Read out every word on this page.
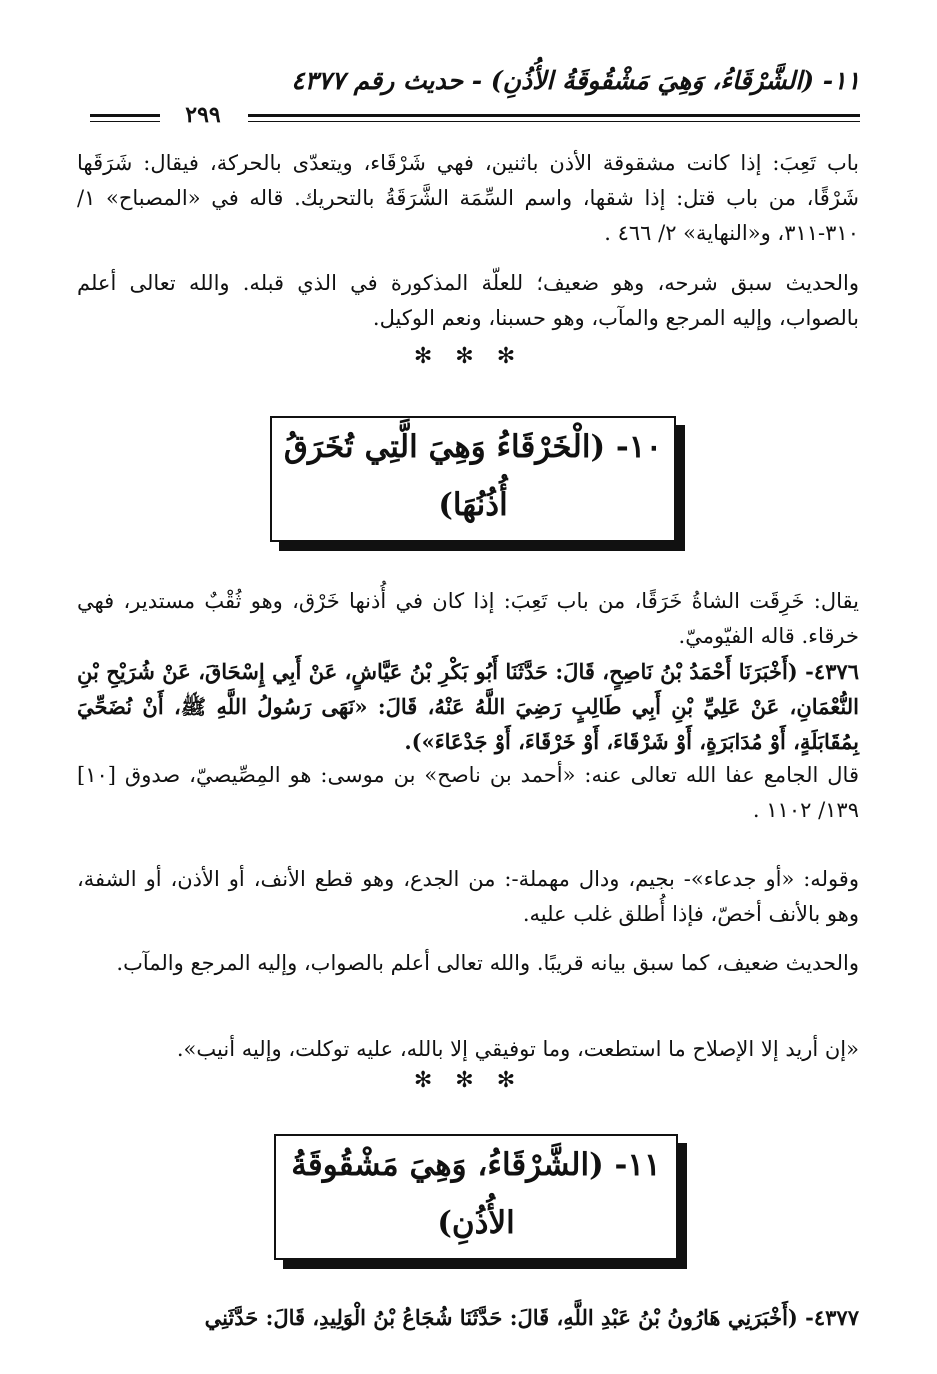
١١- (الشَّرْقَاءُ، وَهِيَ مَشْقُوقَةُ الأُذُنِ) - حديث رقم ٤٣٧٧
٢٩٩
باب تَعِبَ: إذا كانت مشقوقة الأذن باثنين، فهي شَرْقَاء، ويتعدّى بالحركة، فيقال: شَرَقَها شَرْقًا، من باب قتل: إذا شقها، واسم السِّمَة الشَّرَقَةُ بالتحريك. قاله في «المصباح» ١/ ٣١٠-٣١١، و«النهاية» ٢/ ٤٦٦ .
والحديث سبق شرحه، وهو ضعيف؛ للعلّة المذكورة في الذي قبله. والله تعالى أعلم بالصواب، وإليه المرجع والمآب، وهو حسبنا، ونعم الوكيل.
✻ ✻ ✻
١٠- (الْخَرْقَاءُ وَهِيَ الَّتِي تُخَرَقُ
أُذُنُهَا)
يقال: خَرِقَت الشاةُ خَرَقًا، من باب تَعِبَ: إذا كان في أُذنها خَرْق، وهو ثُقْبٌ مستدير، فهي خرقاء. قاله الفيّوميّ.
٤٣٧٦- (أَخْبَرَنَا أَحْمَدُ بْنُ نَاصِحٍ، قَالَ: حَدَّثَنَا أَبُو بَكْرِ بْنُ عَيَّاشٍ، عَنْ أَبِي إِسْحَاقَ، عَنْ شُرَيْحِ بْنِ النُّعْمَانِ، عَنْ عَلِيِّ بْنِ أَبِي طَالِبٍ رَضِيَ اللَّهُ عَنْهُ، قَالَ: «نَهَى رَسُولُ اللَّهِ ﷺ، أَنْ نُضَحِّيَ بِمُقَابَلَةٍ، أَوْ مُدَابَرَةٍ، أَوْ شَرْقَاءَ، أَوْ خَرْقَاءَ، أَوْ جَدْعَاءَ»).
قال الجامع عفا الله تعالى عنه: «أحمد بن ناصح» بن موسى: هو المِصِّيصيّ، صدوق [١٠] ١٣٩/ ١١٠٢ .
وقوله: «أو جدعاء»- بجيم، ودال مهملة-: من الجدع، وهو قطع الأنف، أو الأذن، أو الشفة، وهو بالأنف أخصّ، فإذا أُطلق غلب عليه.
والحديث ضعيف، كما سبق بيانه قريبًا. والله تعالى أعلم بالصواب، وإليه المرجع والمآب.
«إن أريد إلا الإصلاح ما استطعت، وما توفيقي إلا بالله، عليه توكلت، وإليه أنيب».
✻ ✻ ✻
١١- (الشَّرْقَاءُ، وَهِيَ مَشْقُوقَةُ
الأُذُنِ)
٤٣٧٧- (أَخْبَرَنِي هَارُونُ بْنُ عَبْدِ اللَّهِ، قَالَ: حَدَّثَنَا شُجَاعُ بْنُ الْوَلِيدِ، قَالَ: حَدَّثَنِي
